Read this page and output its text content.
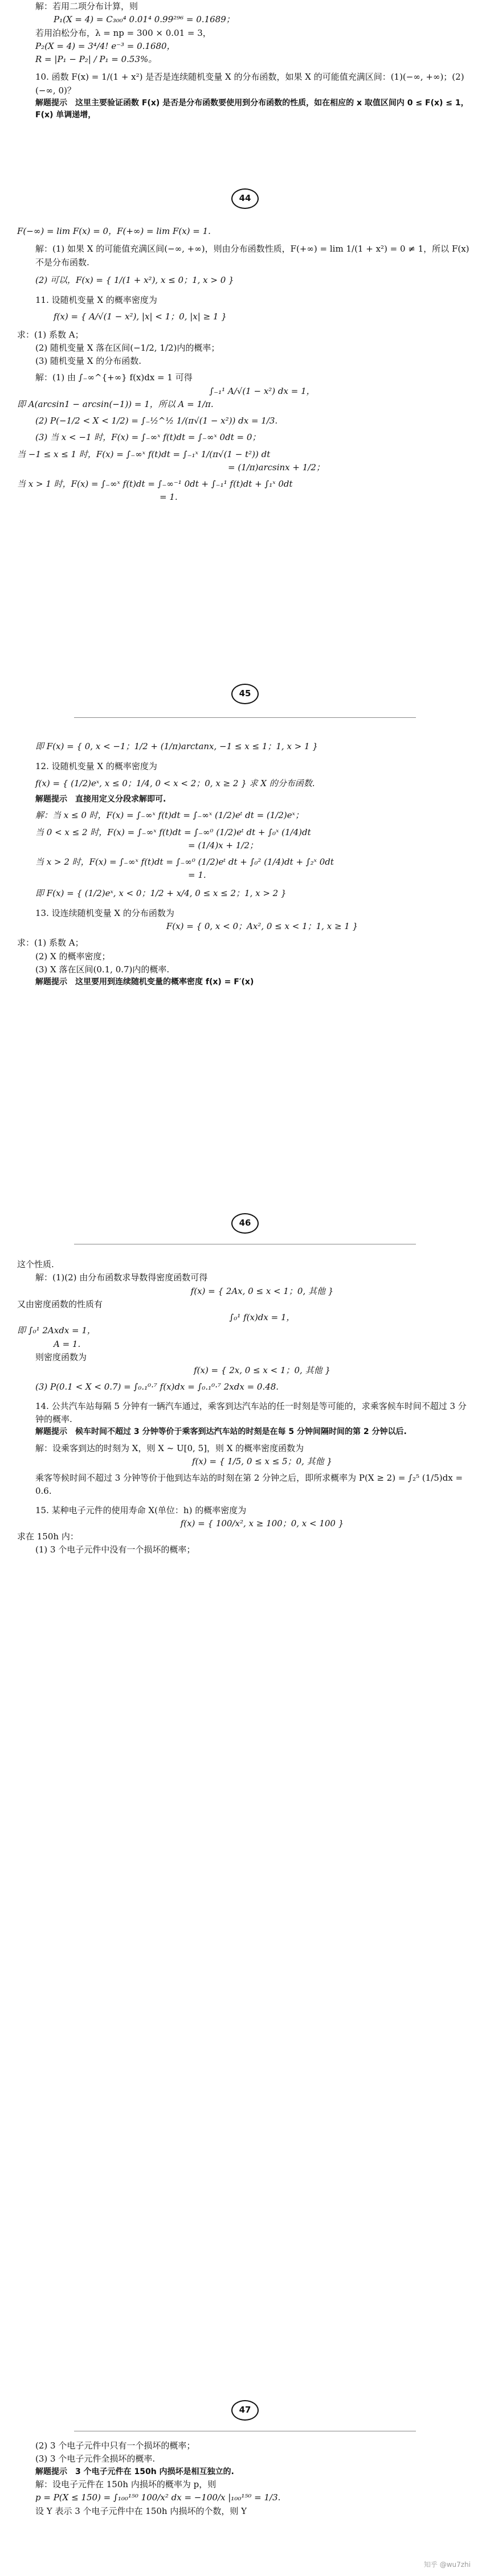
解：若用二项分布计算，则

P₁(X = 4) = C₃₀₀⁴ 0.01⁴ 0.99²⁹⁶ = 0.1689；

若用泊松分布，λ = np = 300 × 0.01 = 3，

P₂(X = 4) = 3⁴/4! e⁻³ = 0.1680，

R = |P₁ − P₂| / P₁ = 0.53%。

10. 函数 F(x) = 1/(1 + x²) 是否是连续随机变量 X 的分布函数，如果 X 的可能值充满区间：(1)(−∞, +∞)；(2)(−∞, 0)？

解题提示　这里主要验证函数 F(x) 是否是分布函数要使用到分布函数的性质，如在相应的 x 取值区间内 0 ≤ F(x) ≤ 1，F(x) 单调递增，

44

F(−∞) = lim F(x) = 0，F(+∞) = lim F(x) = 1.

解：(1) 如果 X 的可能值充满区间(−∞, +∞)，则由分布函数性质，F(+∞) = lim 1/(1 + x²) = 0 ≠ 1，所以 F(x) 不是分布函数.

(2) 可以，F(x) = { 1/(1 + x²), x ≤ 0；1, x > 0 }

11. 设随机变量 X 的概率密度为

f(x) = { A/√(1 − x²), |x| < 1；0, |x| ≥ 1 }

求：(1) 系数 A；

(2) 随机变量 X 落在区间(−1/2, 1/2)内的概率；

(3) 随机变量 X 的分布函数.

解：(1) 由 ∫₋∞^{+∞} f(x)dx = 1 可得

∫₋₁¹ A/√(1 − x²) dx = 1，

即 A(arcsin1 − arcsin(−1)) = 1，所以 A = 1/π.

(2) P(−1/2 < X < 1/2) = ∫₋½^½ 1/(π√(1 − x²)) dx = 1/3.

(3) 当 x < −1 时，F(x) = ∫₋∞ˣ f(t)dt = ∫₋∞ˣ 0dt = 0；

当 −1 ≤ x ≤ 1 时，F(x) = ∫₋∞ˣ f(t)dt = ∫₋₁ˣ 1/(π√(1 − t²)) dt

= (1/π)arcsinx + 1/2；

当 x > 1 时，F(x) = ∫₋∞ˣ f(t)dt = ∫₋∞⁻¹ 0dt + ∫₋₁¹ f(t)dt + ∫₁ˣ 0dt

= 1.

45

即 F(x) = { 0, x < −1；1/2 + (1/π)arctanx, −1 ≤ x ≤ 1；1, x > 1 }

12. 设随机变量 X 的概率密度为

f(x) = { (1/2)eˣ, x ≤ 0；1/4, 0 < x < 2；0, x ≥ 2 } 求 X 的分布函数.

解题提示　直接用定义分段求解即可.

解：当 x ≤ 0 时，F(x) = ∫₋∞ˣ f(t)dt = ∫₋∞ˣ (1/2)eᵗ dt = (1/2)eˣ；

当 0 < x ≤ 2 时，F(x) = ∫₋∞ˣ f(t)dt = ∫₋∞⁰ (1/2)eᵗ dt + ∫₀ˣ (1/4)dt

= (1/4)x + 1/2；

当 x > 2 时，F(x) = ∫₋∞ˣ f(t)dt = ∫₋∞⁰ (1/2)eᵗ dt + ∫₀² (1/4)dt + ∫₂ˣ 0dt

= 1.

即 F(x) = { (1/2)eˣ, x < 0；1/2 + x/4, 0 ≤ x ≤ 2；1, x > 2 }

13. 设连续随机变量 X 的分布函数为

F(x) = { 0, x < 0；Ax², 0 ≤ x < 1；1, x ≥ 1 }

求：(1) 系数 A；

(2) X 的概率密度；

(3) X 落在区间(0.1, 0.7)内的概率.

解题提示　这里要用到连续随机变量的概率密度 f(x) = F′(x)

46

这个性质.

解：(1)(2) 由分布函数求导数得密度函数可得

f(x) = { 2Ax, 0 ≤ x < 1；0, 其他 }

又由密度函数的性质有

∫₀¹ f(x)dx = 1，

即 ∫₀¹ 2Axdx = 1，

A = 1.

则密度函数为

f(x) = { 2x, 0 ≤ x < 1；0, 其他 }

(3) P(0.1 < X < 0.7) = ∫₀.₁⁰·⁷ f(x)dx = ∫₀.₁⁰·⁷ 2xdx = 0.48.

14. 公共汽车站每隔 5 分钟有一辆汽车通过，乘客到达汽车站的任一时刻是等可能的，求乘客候车时间不超过 3 分钟的概率.

解题提示　候车时间不超过 3 分钟等价于乘客到达汽车站的时刻是在每 5 分钟间隔时间的第 2 分钟以后.

解：设乘客到达的时刻为 X，则 X ~ U[0, 5]，则 X 的概率密度函数为

f(x) = { 1/5, 0 ≤ x ≤ 5；0, 其他 }

乘客等候时间不超过 3 分钟等价于他到达车站的时刻在第 2 分钟之后，即所求概率为 P(X ≥ 2) = ∫₂⁵ (1/5)dx = 0.6.

15. 某种电子元件的使用寿命 X(单位：h) 的概率密度为

f(x) = { 100/x², x ≥ 100；0, x < 100 }

求在 150h 内：

(1) 3 个电子元件中没有一个损坏的概率；

47

(2) 3 个电子元件中只有一个损坏的概率；

(3) 3 个电子元件全损坏的概率.

解题提示　3 个电子元件在 150h 内损坏是相互独立的.

解：设电子元件在 150h 内损坏的概率为 p，则

p = P(X ≤ 150) = ∫₁₀₀¹⁵⁰ 100/x² dx = −100/x |₁₀₀¹⁵⁰ = 1/3.

设 Y 表示 3 个电子元件中在 150h 内损坏的个数，则 Y

知乎 @wu7zhi
